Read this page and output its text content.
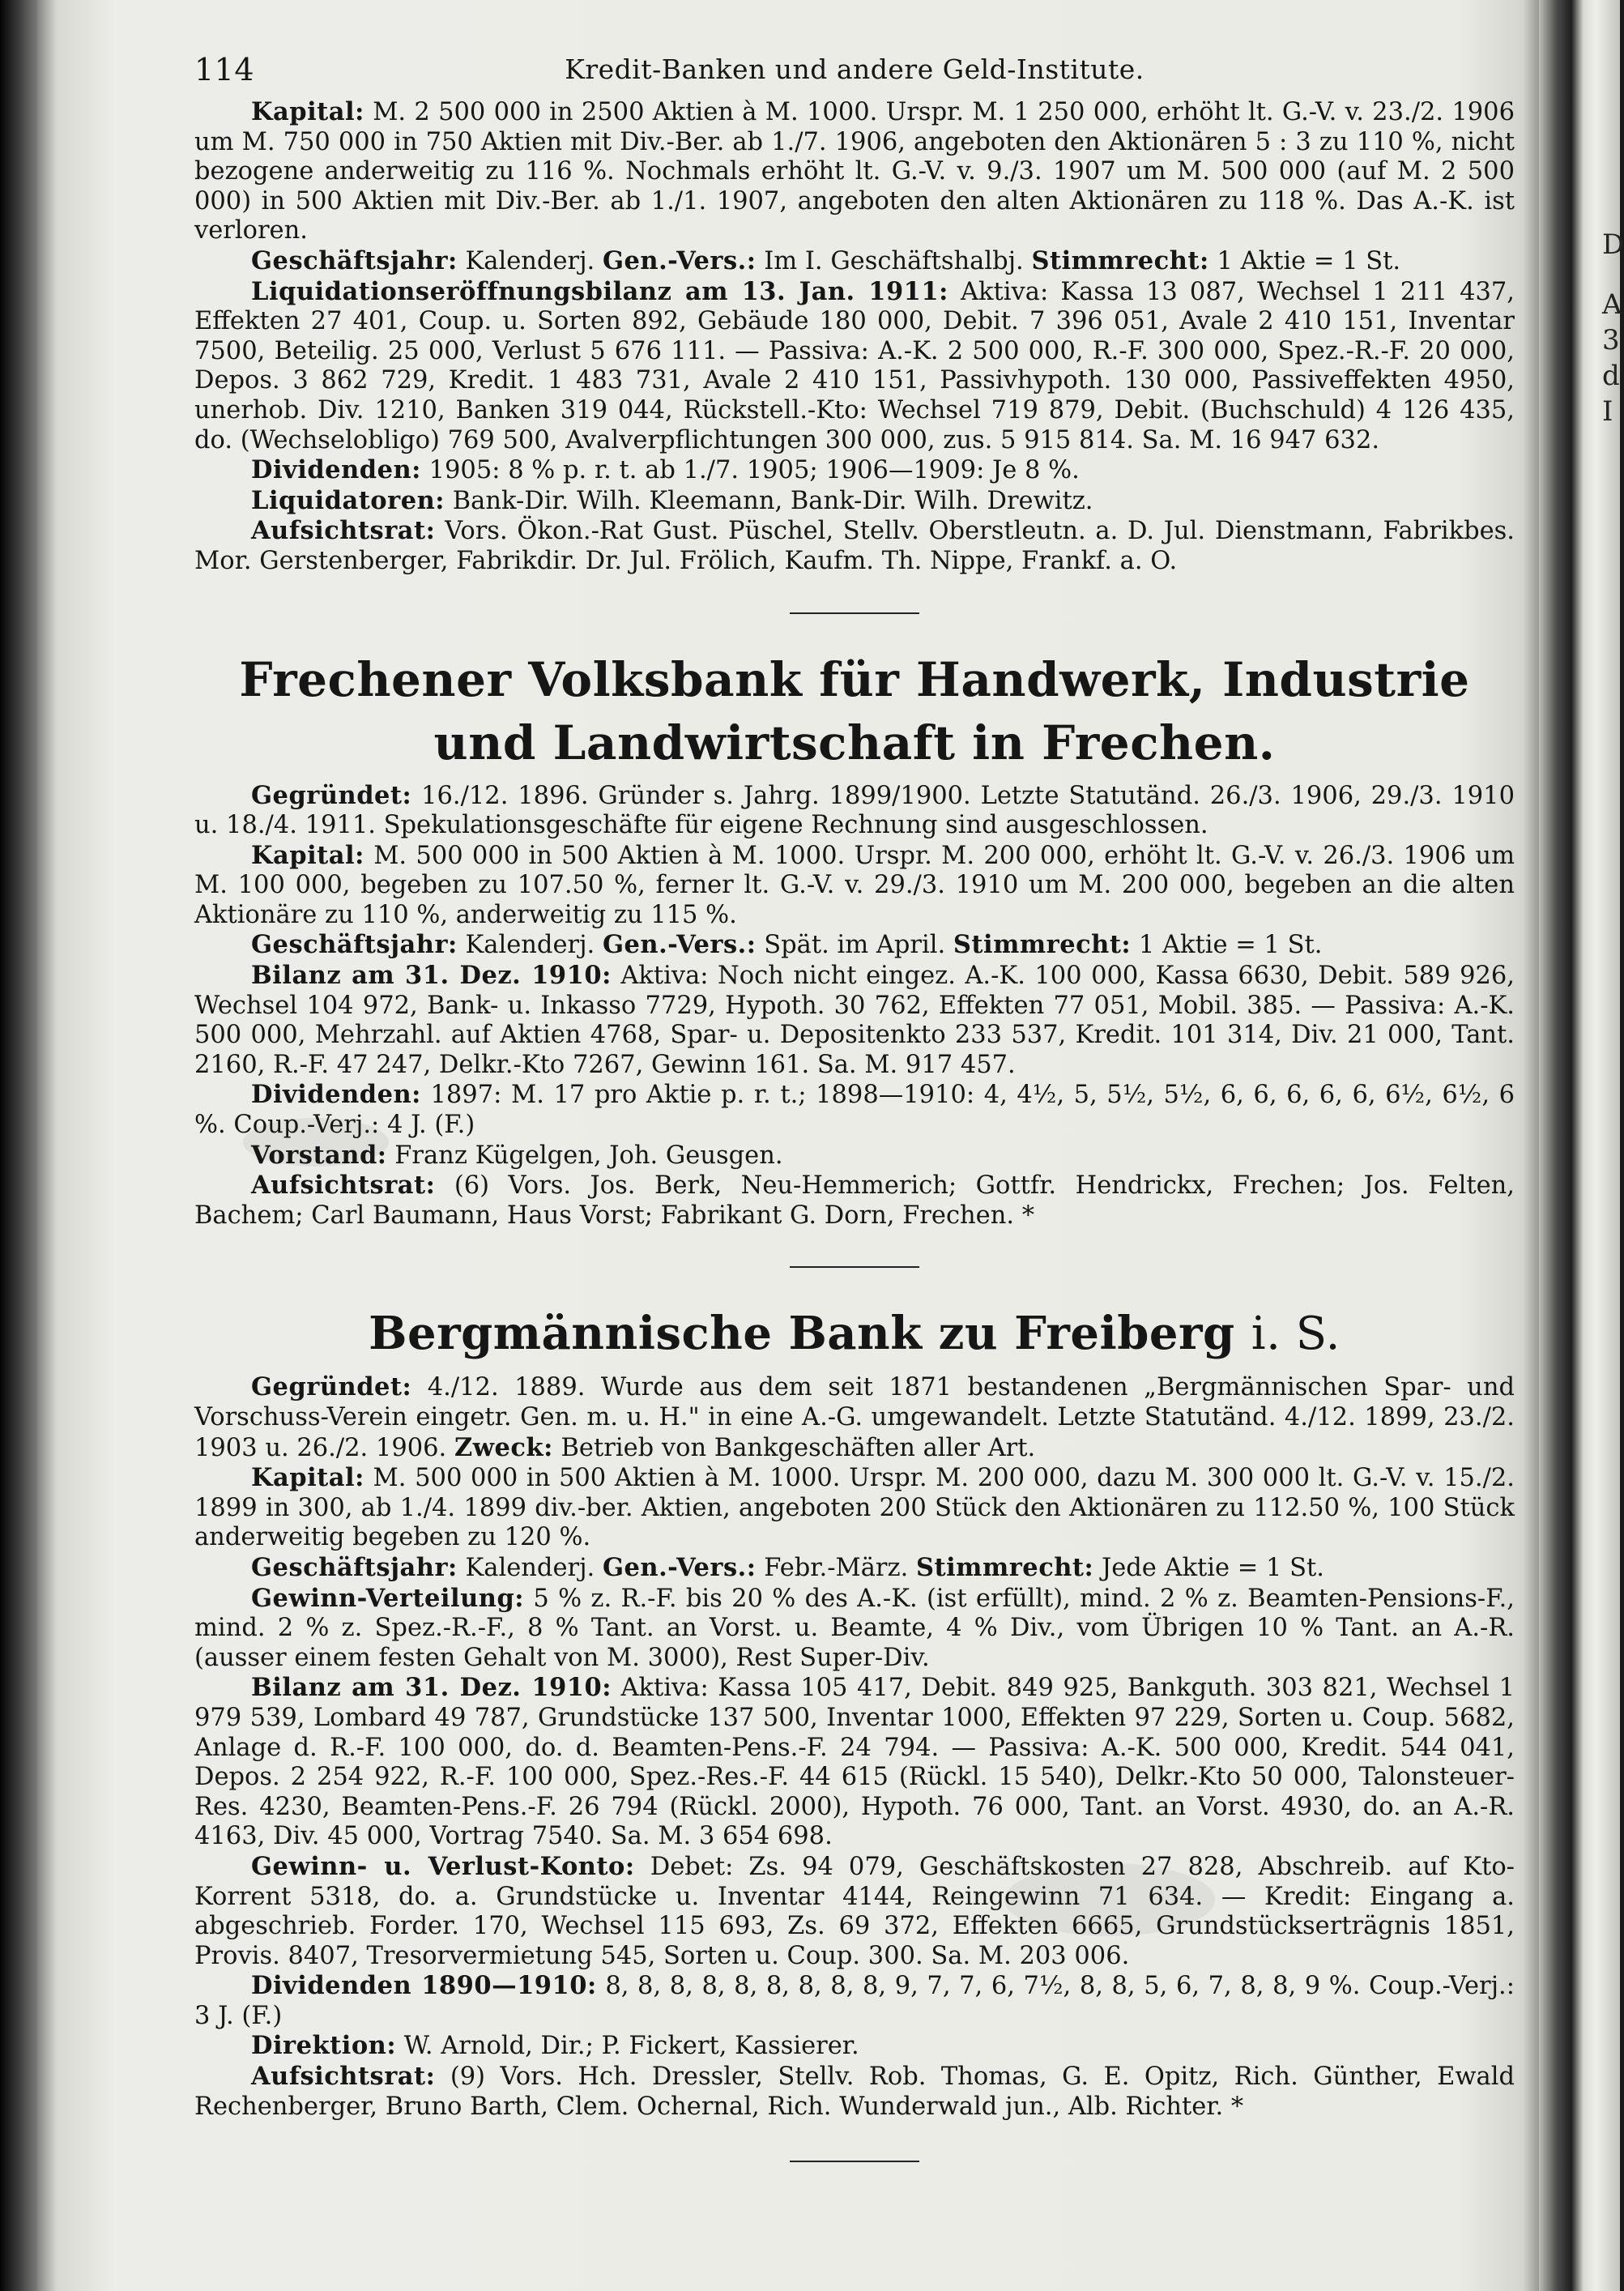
D
A
3
d
I
114	Kredit-Banken und andere Geld-Institute.

Kapital: M. 2 500 000 in 2500 Aktien à M. 1000. Urspr. M. 1 250 000, erhöht lt. G.-V. v. 23./2. 1906 um M. 750 000 in 750 Aktien mit Div.-Ber. ab 1./7. 1906, angeboten den Aktionären 5 : 3 zu 110 %, nicht bezogene anderweitig zu 116 %. Nochmals erhöht lt. G.-V. v. 9./3. 1907 um M. 500 000 (auf M. 2 500 000) in 500 Aktien mit Div.-Ber. ab 1./1. 1907, angeboten den alten Aktionären zu 118 %. Das A.-K. ist verloren.

Geschäftsjahr: Kalenderj. Gen.-Vers.: Im I. Geschäftshalbj. Stimmrecht: 1 Aktie = 1 St.

Liquidationseröffnungsbilanz am 13. Jan. 1911: Aktiva: Kassa 13 087, Wechsel 1 211 437, Effekten 27 401, Coup. u. Sorten 892, Gebäude 180 000, Debit. 7 396 051, Avale 2 410 151, Inventar 7500, Beteilig. 25 000, Verlust 5 676 111. — Passiva: A.-K. 2 500 000, R.-F. 300 000, Spez.-R.-F. 20 000, Depos. 3 862 729, Kredit. 1 483 731, Avale 2 410 151, Passivhypoth. 130 000, Passiveffekten 4950, unerhob. Div. 1210, Banken 319 044, Rückstell.-Kto: Wechsel 719 879, Debit. (Buchschuld) 4 126 435, do. (Wechselobligo) 769 500, Avalverpflichtungen 300 000, zus. 5 915 814. Sa. M. 16 947 632.

Dividenden: 1905: 8 % p. r. t. ab 1./7. 1905; 1906—1909: Je 8 %.

Liquidatoren: Bank-Dir. Wilh. Kleemann, Bank-Dir. Wilh. Drewitz.

Aufsichtsrat: Vors. Ökon.-Rat Gust. Püschel, Stellv. Oberstleutn. a. D. Jul. Dienstmann, Fabrikbes. Mor. Gerstenberger, Fabrikdir. Dr. Jul. Frölich, Kaufm. Th. Nippe, Frankf. a. O.

Frechener Volksbank für Handwerk, Industrie und Landwirtschaft in Frechen.

Gegründet: 16./12. 1896. Gründer s. Jahrg. 1899/1900. Letzte Statutänd. 26./3. 1906, 29./3. 1910 u. 18./4. 1911. Spekulationsgeschäfte für eigene Rechnung sind ausgeschlossen.

Kapital: M. 500 000 in 500 Aktien à M. 1000. Urspr. M. 200 000, erhöht lt. G.-V. v. 26./3. 1906 um M. 100 000, begeben zu 107.50 %, ferner lt. G.-V. v. 29./3. 1910 um M. 200 000, begeben an die alten Aktionäre zu 110 %, anderweitig zu 115 %.

Geschäftsjahr: Kalenderj. Gen.-Vers.: Spät. im April. Stimmrecht: 1 Aktie = 1 St.

Bilanz am 31. Dez. 1910: Aktiva: Noch nicht eingez. A.-K. 100 000, Kassa 6630, Debit. 589 926, Wechsel 104 972, Bank- u. Inkasso 7729, Hypoth. 30 762, Effekten 77 051, Mobil. 385. — Passiva: A.-K. 500 000, Mehrzahl. auf Aktien 4768, Spar- u. Depositenkto 233 537, Kredit. 101 314, Div. 21 000, Tant. 2160, R.-F. 47 247, Delkr.-Kto 7267, Gewinn 161. Sa. M. 917 457.

Dividenden: 1897: M. 17 pro Aktie p. r. t.; 1898—1910: 4, 4½, 5, 5½, 5½, 6, 6, 6, 6, 6, 6½, 6½, 6 %. Coup.-Verj.: 4 J. (F.)

Vorstand: Franz Kügelgen, Joh. Geusgen.

Aufsichtsrat: (6) Vors. Jos. Berk, Neu-Hemmerich; Gottfr. Hendrickx, Frechen; Jos. Felten, Bachem; Carl Baumann, Haus Vorst; Fabrikant G. Dorn, Frechen. *

Bergmännische Bank zu Freiberg i. S.

Gegründet: 4./12. 1889. Wurde aus dem seit 1871 bestandenen „Bergmännischen Spar- und Vorschuss-Verein eingetr. Gen. m. u. H." in eine A.-G. umgewandelt. Letzte Statutänd. 4./12. 1899, 23./2. 1903 u. 26./2. 1906. Zweck: Betrieb von Bankgeschäften aller Art.

Kapital: M. 500 000 in 500 Aktien à M. 1000. Urspr. M. 200 000, dazu M. 300 000 lt. G.-V. v. 15./2. 1899 in 300, ab 1./4. 1899 div.-ber. Aktien, angeboten 200 Stück den Aktionären zu 112.50 %, 100 Stück anderweitig begeben zu 120 %.

Geschäftsjahr: Kalenderj. Gen.-Vers.: Febr.-März. Stimmrecht: Jede Aktie = 1 St.

Gewinn-Verteilung: 5 % z. R.-F. bis 20 % des A.-K. (ist erfüllt), mind. 2 % z. Beamten-Pensions-F., mind. 2 % z. Spez.-R.-F., 8 % Tant. an Vorst. u. Beamte, 4 % Div., vom Übrigen 10 % Tant. an A.-R. (ausser einem festen Gehalt von M. 3000), Rest Super-Div.

Bilanz am 31. Dez. 1910: Aktiva: Kassa 105 417, Debit. 849 925, Bankguth. 303 821, Wechsel 1 979 539, Lombard 49 787, Grundstücke 137 500, Inventar 1000, Effekten 97 229, Sorten u. Coup. 5682, Anlage d. R.-F. 100 000, do. d. Beamten-Pens.-F. 24 794. — Passiva: A.-K. 500 000, Kredit. 544 041, Depos. 2 254 922, R.-F. 100 000, Spez.-Res.-F. 44 615 (Rückl. 15 540), Delkr.-Kto 50 000, Talonsteuer-Res. 4230, Beamten-Pens.-F. 26 794 (Rückl. 2000), Hypoth. 76 000, Tant. an Vorst. 4930, do. an A.-R. 4163, Div. 45 000, Vortrag 7540. Sa. M. 3 654 698.

Gewinn- u. Verlust-Konto: Debet: Zs. 94 079, Geschäftskosten 27 828, Abschreib. auf Kto-Korrent 5318, do. a. Grundstücke u. Inventar 4144, Reingewinn 71 634. — Kredit: Eingang a. abgeschrieb. Forder. 170, Wechsel 115 693, Zs. 69 372, Effekten 6665, Grundstückserträgnis 1851, Provis. 8407, Tresorvermietung 545, Sorten u. Coup. 300. Sa. M. 203 006.

Dividenden 1890—1910: 8, 8, 8, 8, 8, 8, 8, 8, 8, 9, 7, 7, 6, 7½, 8, 8, 5, 6, 7, 8, 8, 9 %. Coup.-Verj.: 3 J. (F.)

Direktion: W. Arnold, Dir.; P. Fickert, Kassierer.

Aufsichtsrat: (9) Vors. Hch. Dressler, Stellv. Rob. Thomas, G. E. Opitz, Rich. Günther, Ewald Rechenberger, Bruno Barth, Clem. Ochernal, Rich. Wunderwald jun., Alb. Richter. *
